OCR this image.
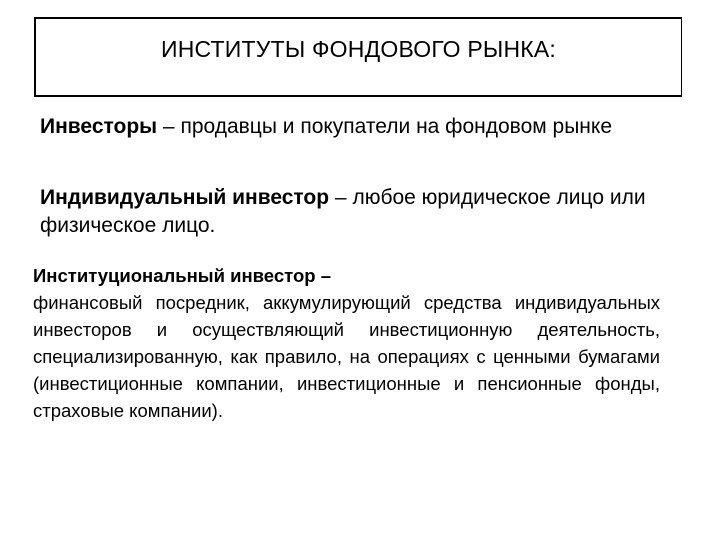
ИНСТИТУТЫ ФОНДОВОГО РЫНКА:
Инвесторы – продавцы и покупатели на фондовом рынке
Индивидуальный инвестор – любое юридическое лицо или физическое лицо.
Институциональный инвестор –
финансовый посредник, аккумулирующий средства индивидуальных инвесторов и осуществляющий инвестиционную деятельность, специализированную, как правило, на операциях с ценными бумагами (инвестиционные компании, инвестиционные и пенсионные фонды, страховые компании).
